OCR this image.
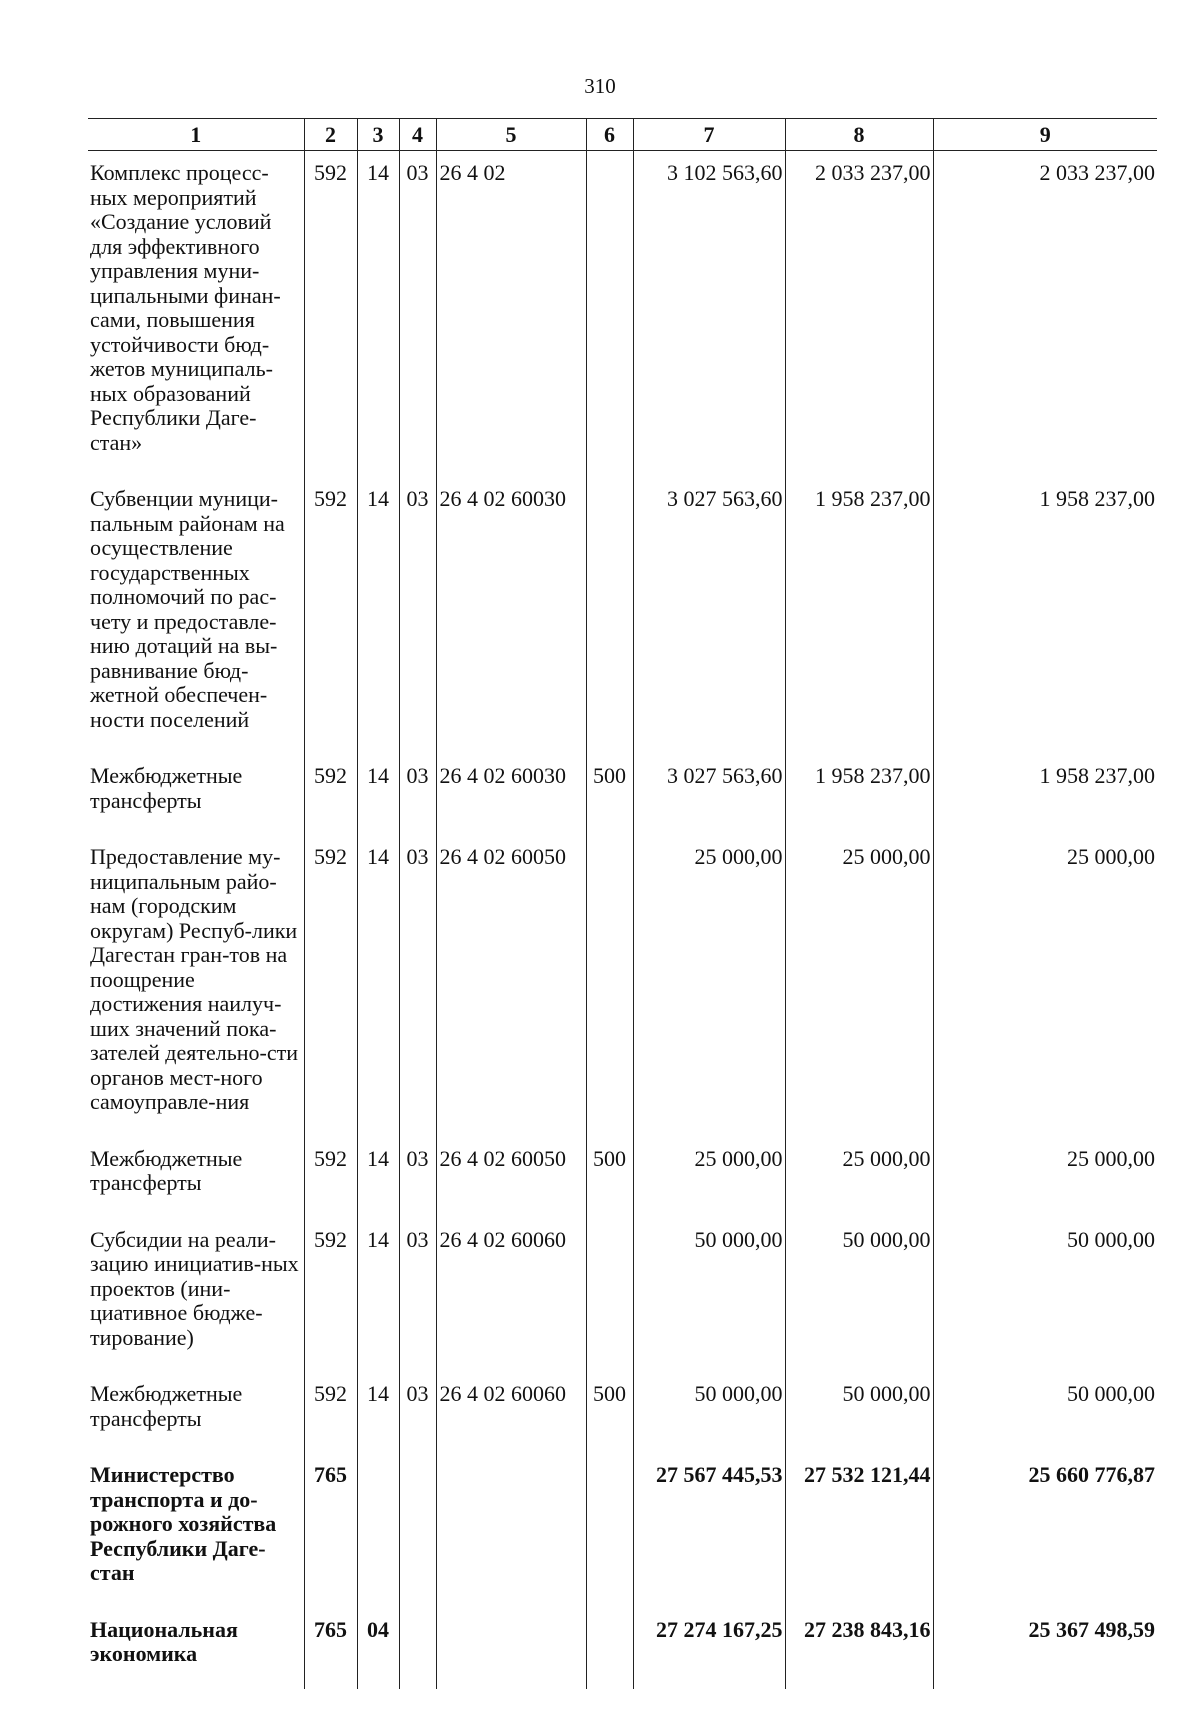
310
1	2	3	4	5	6	7	8	9
Комплекс процесс-ных мероприятий «Создание условий для эффективного управления муни-ципальными финан-сами, повышения устойчивости бюд-жетов муниципаль-ных образований Республики Даге-стан»	592	14	03	26 4 02		3 102 563,60	2 033 237,00	2 033 237,00
Субвенции муници-пальным районам на осуществление государственных полномочий по рас-чету и предоставле-нию дотаций на вы-равнивание бюд-жетной обеспечен-ности поселений	592	14	03	26 4 02 60030		3 027 563,60	1 958 237,00	1 958 237,00
Межбюджетные трансферты	592	14	03	26 4 02 60030	500	3 027 563,60	1 958 237,00	1 958 237,00
Предоставление му-ниципальным райо-нам (городским округам) Респуб-лики Дагестан гран-тов на поощрение достижения наилуч-ших значений пока-зателей деятельно-сти органов мест-ного самоуправле-ния	592	14	03	26 4 02 60050		25 000,00	25 000,00	25 000,00
Межбюджетные трансферты	592	14	03	26 4 02 60050	500	25 000,00	25 000,00	25 000,00
Субсидии на реали-зацию инициатив-ных проектов (ини-циативное бюдже-тирование)	592	14	03	26 4 02 60060		50 000,00	50 000,00	50 000,00
Межбюджетные трансферты	592	14	03	26 4 02 60060	500	50 000,00	50 000,00	50 000,00
Министерство транспорта и до-рожного хозяйства Республики Даге-стан	765					27 567 445,53	27 532 121,44	25 660 776,87
Национальная экономика	765	04				27 274 167,25	27 238 843,16	25 367 498,59
